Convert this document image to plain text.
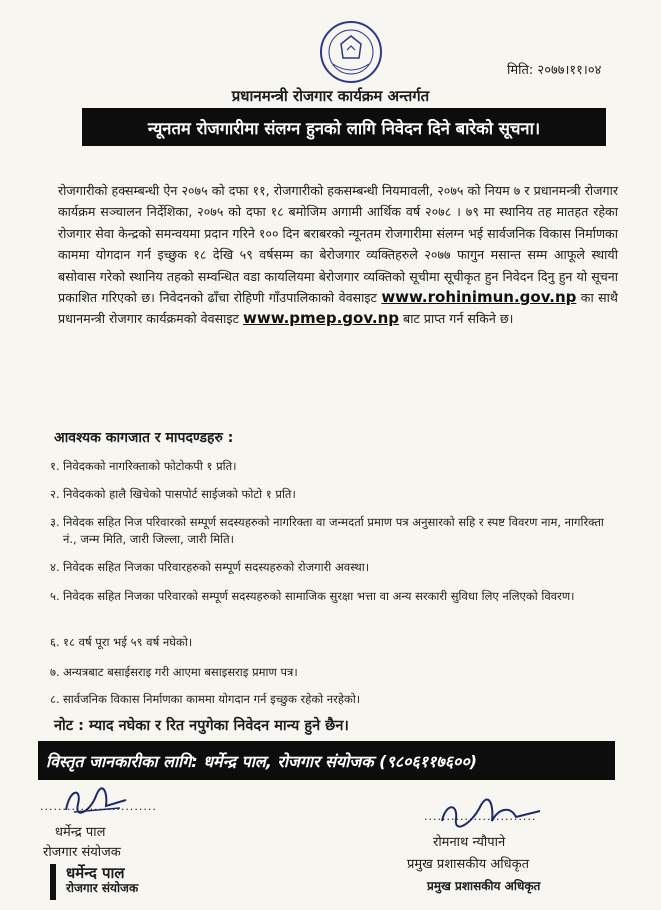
मिति: २०७७।११।०४
प्रधानमन्त्री रोजगार कार्यक्रम अन्तर्गत
न्यूनतम रोजगारीमा संलग्न हुनको लागि निवेदन दिने बारेको सूचना।
रोजगारीको हक्सम्बन्धी ऐन २०७५ को दफा ११, रोजगारीको हकसम्बन्धी नियमावली, २०७५ को नियम ७ र प्रधानमन्त्री रोजगार कार्यक्रम सञ्चालन निर्देशिका, २०७५ को दफा १८ बमोजिम अगामी आर्थिक वर्ष २०७८ । ७९ मा स्थानिय तह मातहत रहेका रोजगार सेवा केन्द्रको समन्वयमा प्रदान गरिने १०० दिन बराबरको न्यूनतम रोजगारीमा संलग्न भई सार्वजनिक विकास निर्माणका काममा योगदान गर्न इच्छुक १८ देखि ५९ वर्षसम्म का बेरोजगार व्यक्तिहरुले २०७७ फागुन मसान्त सम्म आफूले स्थायी बसोवास गरेको स्थानिय तहको सम्वन्धित वडा कायलियमा बेरोजगार व्यक्तिको सूचीमा सूचीकृत हुन निवेदन दिनु हुन यो सूचना प्रकाशित गरिएको छ। निवेदनको ढाँचा रोहिणी गाँउपालिकाको वेवसाइट www.rohinimun.gov.np का साथै प्रधानमन्त्री रोजगार कार्यक्रमको वेवसाइट www.pmep.gov.np बाट प्राप्त गर्न सकिने छ।
आवश्यक कागजात र मापदण्डहरु :
१. निवेदकको नागरिक्ताको फोटोकपी १ प्रति।
२. निवेदकको हालै खिचेको पासपोर्ट साईजको फोटो १ प्रति।
३. निवेदक सहित निज परिवारको सम्पूर्ण सदस्यहरुको नागरिक्ता वा जन्मदर्ता प्रमाण पत्र अनुसारको सहि र स्पष्ट विवरण नाम, नागरिक्ता नं., जन्म मिति, जारी जिल्ला, जारी मिति।
४. निवेदक सहित निजका परिवारहरुको सम्पूर्ण सदस्यहरुको रोजगारी अवस्था।
५. निवेदक सहित निजका परिवारको सम्पूर्ण सदस्यहरुको सामाजिक सुरक्षा भत्ता वा अन्य सरकारी सुविधा लिए नलिएको विवरण।
६. १८ वर्ष पूरा भई ५९ वर्ष नघेको।
७. अन्यत्रबाट बसाईसराइ गरी आएमा बसाइसराइ प्रमाण पत्र।
८. सार्वजनिक विकास निर्माणका काममा योगदान गर्न इच्छुक रहेको नरहेको।
नोट : म्याद नघेका र रित नपुगेका निवेदन मान्य हुने छैन।
विस्तृत जानकारीका लागि: धर्मेन्द्र पाल, रोजगार संयोजक (९८०६११७६००)
..........................
धर्मेन्द्र पाल
रोजगार संयोजक
धर्मेन्द पाल
रोजगार संयोजक
.........................
रोमनाथ न्यौपाने
प्रमुख प्रशासकीय अधिकृत
प्रमुख प्रशासकीय अधिकृत
